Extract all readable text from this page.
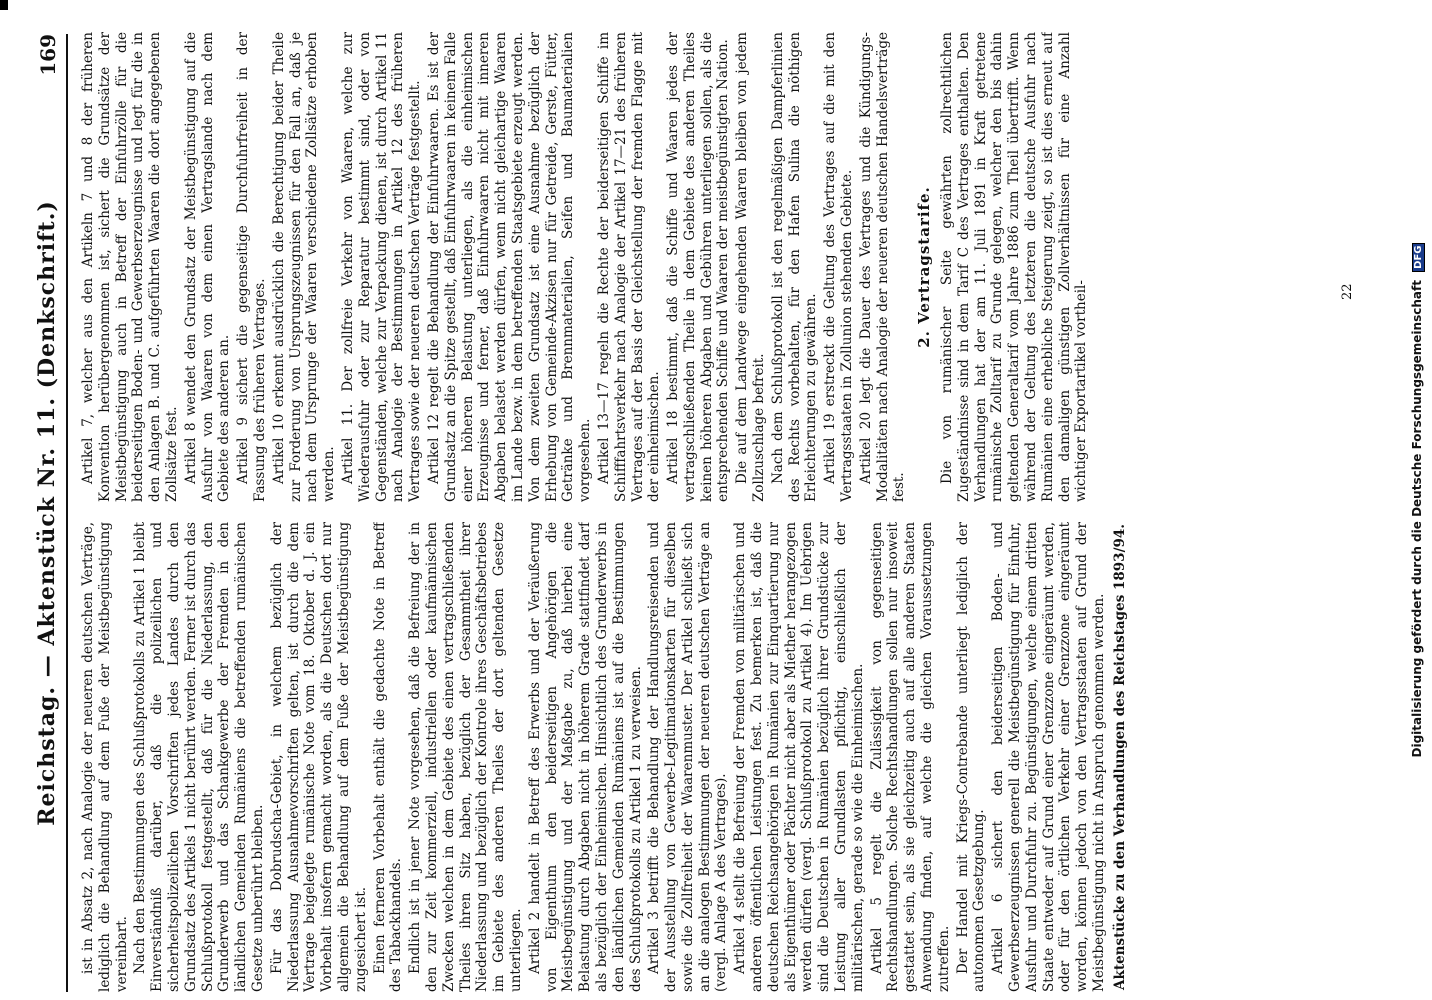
Reichstag. — Aktenstück Nr. 11. (Denkschrift.)
169

ist in Absatz 2, nach Analogie der neueren deutschen Verträge, lediglich die Behandlung auf dem Fuße der Meistbegünstigung vereinbart. Nach den Bestimmungen des Schlußprotokolls zu Artikel 1 bleibt Einverständniß darüber, daß die polizeilichen und sicherheitspolizeilichen Vorschriften jedes Landes durch den Grundsatz des Artikels 1 nicht berührt werden. Ferner ist durch das Schlußprotokoll festgestellt, daß für die Niederlassung, den Grunderwerb und das Schankgewerbe der Fremden in den ländlichen Gemeinden Rumäniens die betreffenden rumänischen Gesetze unberührt bleiben. Für das Dobrudscha-Gebiet, in welchem bezüglich der Niederlassung Ausnahmevorschriften gelten, ist durch die dem Vertrage beigelegte rumänische Note vom 18. Oktober d. J. ein Vorbehalt insofern gemacht worden, als die Deutschen dort nur allgemein die Behandlung auf dem Fuße der Meistbegünstigung zugesichert ist. Einen ferneren Vorbehalt enthält die gedachte Note in Betreff des Tabackhandels. Endlich ist in jener Note vorgesehen, daß die Befreiung der in den zur Zeit kommerziell, industriellen oder kaufmännischen Zwecken welchen in dem Gebiete des einen vertragschließenden Theiles ihren Sitz haben, bezüglich der Gesammtheit ihrer Niederlassung und bezüglich der Kontrole ihres Geschäftsbetriebes im Gebiete des anderen Theiles der dort geltenden Gesetze unterliegen. Artikel 2 handelt in Betreff des Erwerbs und der Veräußerung von Eigenthum den beiderseitigen Angehörigen die Meistbegünstigung und der Maßgabe zu, daß hierbei eine Belastung durch Abgaben nicht in höherem Grade stattfindet darf als bezüglich der Einheimischen. Hinsichtlich des Grunderwerbs in den ländlichen Gemeinden Rumäniens ist auf die Bestimmungen des Schlußprotokolls zu Artikel 1 zu verweisen. Artikel 3 betrifft die Behandlung der Handlungsreisenden und der Ausstellung von Gewerbe-Legitimationskarten für dieselben sowie die Zollfreiheit der Waarenmuster. Der Artikel schließt sich an die analogen Bestimmungen der neueren deutschen Verträge an (vergl. Anlage A des Vertrages). Artikel 4 stellt die Befreiung der Fremden von militärischen und anderen öffentlichen Leistungen fest. Zu bemerken ist, daß die deutschen Reichsangehörigen in Rumänien zur Einquartierung nur als Eigenthümer oder Pächter nicht aber als Miether herangezogen werden dürfen (vergl. Schlußprotokoll zu Artikel 4). Im Uebrigen sind die Deutschen in Rumänien bezüglich ihrer Grundstücke zur Leistung aller Grundlasten pflichtig, einschließlich der militärischen, gerade so wie die Einheimischen. Artikel 5 regelt die Zulässigkeit von gegenseitigen Rechtshandlungen. Solche Rechtshandlungen sollen nur insoweit gestattet sein, als sie gleichzeitig auch auf alle anderen Staaten Anwendung finden, auf welche die gleichen Voraussetzungen zutreffen. Der Handel mit Kriegs-Contrebande unterliegt lediglich der autonomen Gesetzgebung. Artikel 6 sichert den beiderseitigen Boden- und Gewerbserzeugnissen generell die Meistbegünstigung für Einfuhr, Ausfuhr und Durchfuhr zu. Begünstigungen, welche einem dritten Staate entweder auf Grund einer Grenzzone eingeräumt werden, oder für den örtlichen Verkehr einer Grenzzone eingeräumt worden, können jedoch von den Vertragsstaaten auf Grund der Meistbegünstigung nicht in Anspruch genommen werden. Aktenstücke zu den Verhandlungen des Reichstages 1893/94.

Artikel 7, welcher aus den Artikeln 7 und 8 der früheren Konvention herübergenommen ist, sichert die Grundsätze der Meistbegünstigung auch in Betreff der Einfuhrzölle für die beiderseitigen Boden- und Gewerbserzeugnisse und legt für die in den Anlagen B. und C. aufgeführten Waaren die dort angegebenen Zollsätze fest. Artikel 8 wendet den Grundsatz der Meistbegünstigung auf die Ausfuhr von Waaren von dem einen Vertragslande nach dem Gebiete des anderen an. Artikel 9 sichert die gegenseitige Durchfuhrfreiheit in der Fassung des früheren Vertrages. Artikel 10 erkennt ausdrücklich die Berechtigung beider Theile zur Forderung von Ursprungszeugnissen für den Fall an, daß je nach dem Ursprunge der Waaren verschiedene Zollsätze erhoben werden. Artikel 11. Der zollfreie Verkehr von Waaren, welche zur Wiederausfuhr oder zur Reparatur bestimmt sind, oder von Gegenständen, welche zur Verpackung dienen, ist durch Artikel 11 nach Analogie der Bestimmungen in Artikel 12 des früheren Vertrages sowie der neueren deutschen Verträge festgestellt. Artikel 12 regelt die Behandlung der Einfuhrwaaren. Es ist der Grundsatz an die Spitze gestellt, daß Einfuhrwaaren in keinem Falle einer höheren Belastung unterliegen, als die einheimischen Erzeugnisse und ferner, daß Einfuhrwaaren nicht mit inneren Abgaben belastet werden dürfen, wenn nicht gleichartige Waaren im Lande bezw. in dem betreffenden Staatsgebiete erzeugt werden. Von dem zweiten Grundsatz ist eine Ausnahme bezüglich der Erhebung von Gemeinde-Akzisen nur für Getreide, Gerste, Fütter, Getränke und Brennmaterialien, Seifen und Baumaterialien vorgesehen. Artikel 13—17 regeln die Rechte der beiderseitigen Schiffe im Schifffahrtsverkehr nach Analogie der Artikel 17—21 des früheren Vertrages auf der Basis der Gleichstellung der fremden Flagge mit der einheimischen. Artikel 18 bestimmt, daß die Schiffe und Waaren jedes der vertragschließenden Theile in dem Gebiete des anderen Theiles keinen höheren Abgaben und Gebühren unterliegen sollen, als die entsprechenden Schiffe und Waaren der meistbegünstigten Nation. Die auf dem Landwege eingehenden Waaren bleiben von jedem Zollzuschlage befreit. Nach dem Schlußprotokoll ist den regelmäßigen Dampferlinien des Rechts vorbehalten, für den Hafen Sulina die nöthigen Erleichterungen zu gewähren. Artikel 19 erstreckt die Geltung des Vertrages auf die mit den Vertragsstaaten in Zollunion stehenden Gebiete. Artikel 20 legt die Dauer des Vertrages und die Kündigungs-Modalitäten nach Analogie der neueren deutschen Handelsverträge fest.

2. Vertragstarife. Die von rumänischer Seite gewährten zollrechtlichen Zugeständnisse sind in dem Tarif C des Vertrages enthalten. Den Verhandlungen hat der am 11. Juli 1891 in Kraft getretene rumänische Zolltarif zu Grunde gelegen, welcher den bis dahin geltenden Generaltarif vom Jahre 1886 zum Theil übertrifft. Wenn während der Geltung des letzteren die deutsche Ausfuhr nach Rumänien eine erhebliche Steigerung zeigt, so ist dies erneut auf den damaligen günstigen Zollverhältnissen für eine Anzahl wichtiger Exportartikel vortheil-	22	Digitalisierung gefördert durch die Deutsche Forschungsgemeinschaft DFG
